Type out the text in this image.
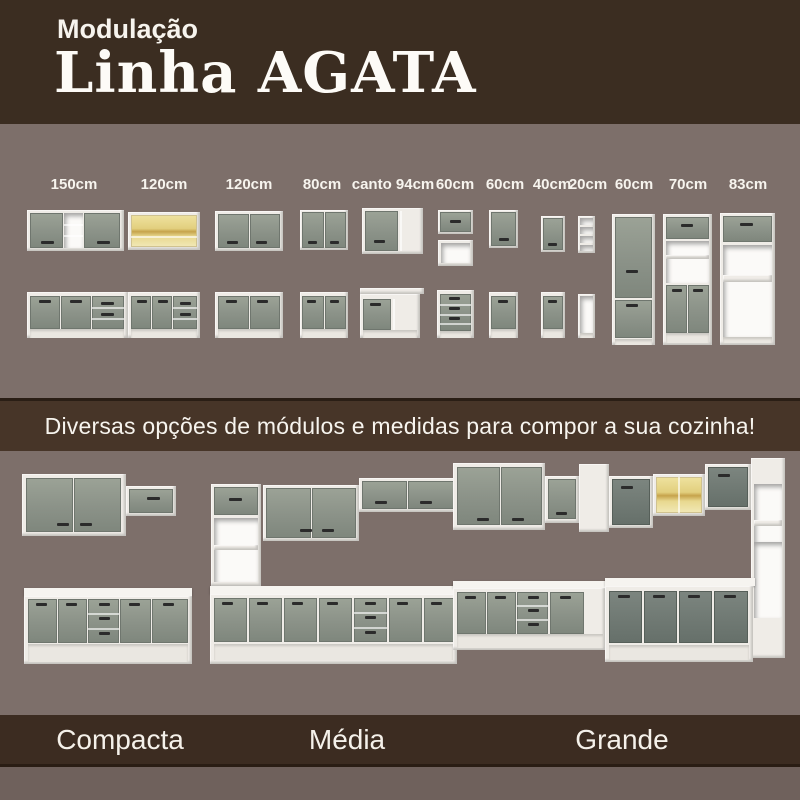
Modulação
Linha AGATA
150cm	120cm	120cm 80cm canto 94cm 60cm 60cm 40cm
20cm 60cm 70cm 83cm
Diversas opções de módulos e medidas para compor a sua cozinha!
Compacta	Média	Grande
